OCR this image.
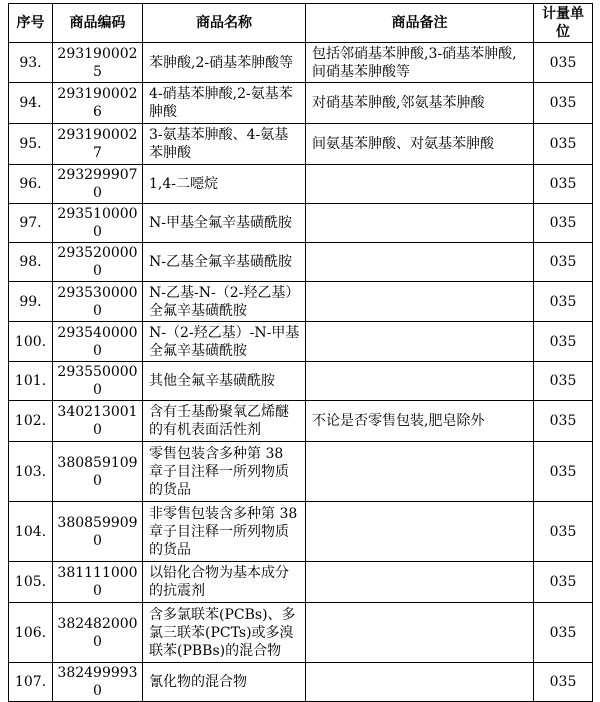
序号	商品编码	商品名称	商品备注	计量单位
93.	2931900025	苯胂酸,2-硝基苯胂酸等	包括邻硝基苯胂酸,3-硝基苯胂酸,间硝基苯胂酸等	035
94.	2931900026	4-硝基苯胂酸,2-氨基苯胂酸	对硝基苯胂酸,邻氨基苯胂酸	035
95.	2931900027	3-氨基苯胂酸、4-氨基苯胂酸	间氨基苯胂酸、对氨基苯胂酸	035
96.	2932999070	1,4-二噁烷		035
97.	2935100000	N-甲基全氟辛基磺酰胺		035
98.	2935200000	N-乙基全氟辛基磺酰胺		035
99.	2935300000	N-乙基-N-（2-羟乙基）全氟辛基磺酰胺		035
100.	2935400000	N-（2-羟乙基）-N-甲基全氟辛基磺酰胺		035
101.	2935500000	其他全氟辛基磺酰胺		035
102.	3402130010	含有壬基酚聚氧乙烯醚的有机表面活性剂	不论是否零售包装,肥皂除外	035
103.	3808591090	零售包装含多种第 38 章子目注释一所列物质的货品		035
104.	3808599090	非零售包装含多种第 38 章子目注释一所列物质的货品		035
105.	3811110000	以铅化合物为基本成分的抗震剂		035
106.	3824820000	含多氯联苯(PCBs)、多氯三联苯(PCTs)或多溴联苯(PBBs)的混合物		035
107.	3824999930	氰化物的混合物		035
